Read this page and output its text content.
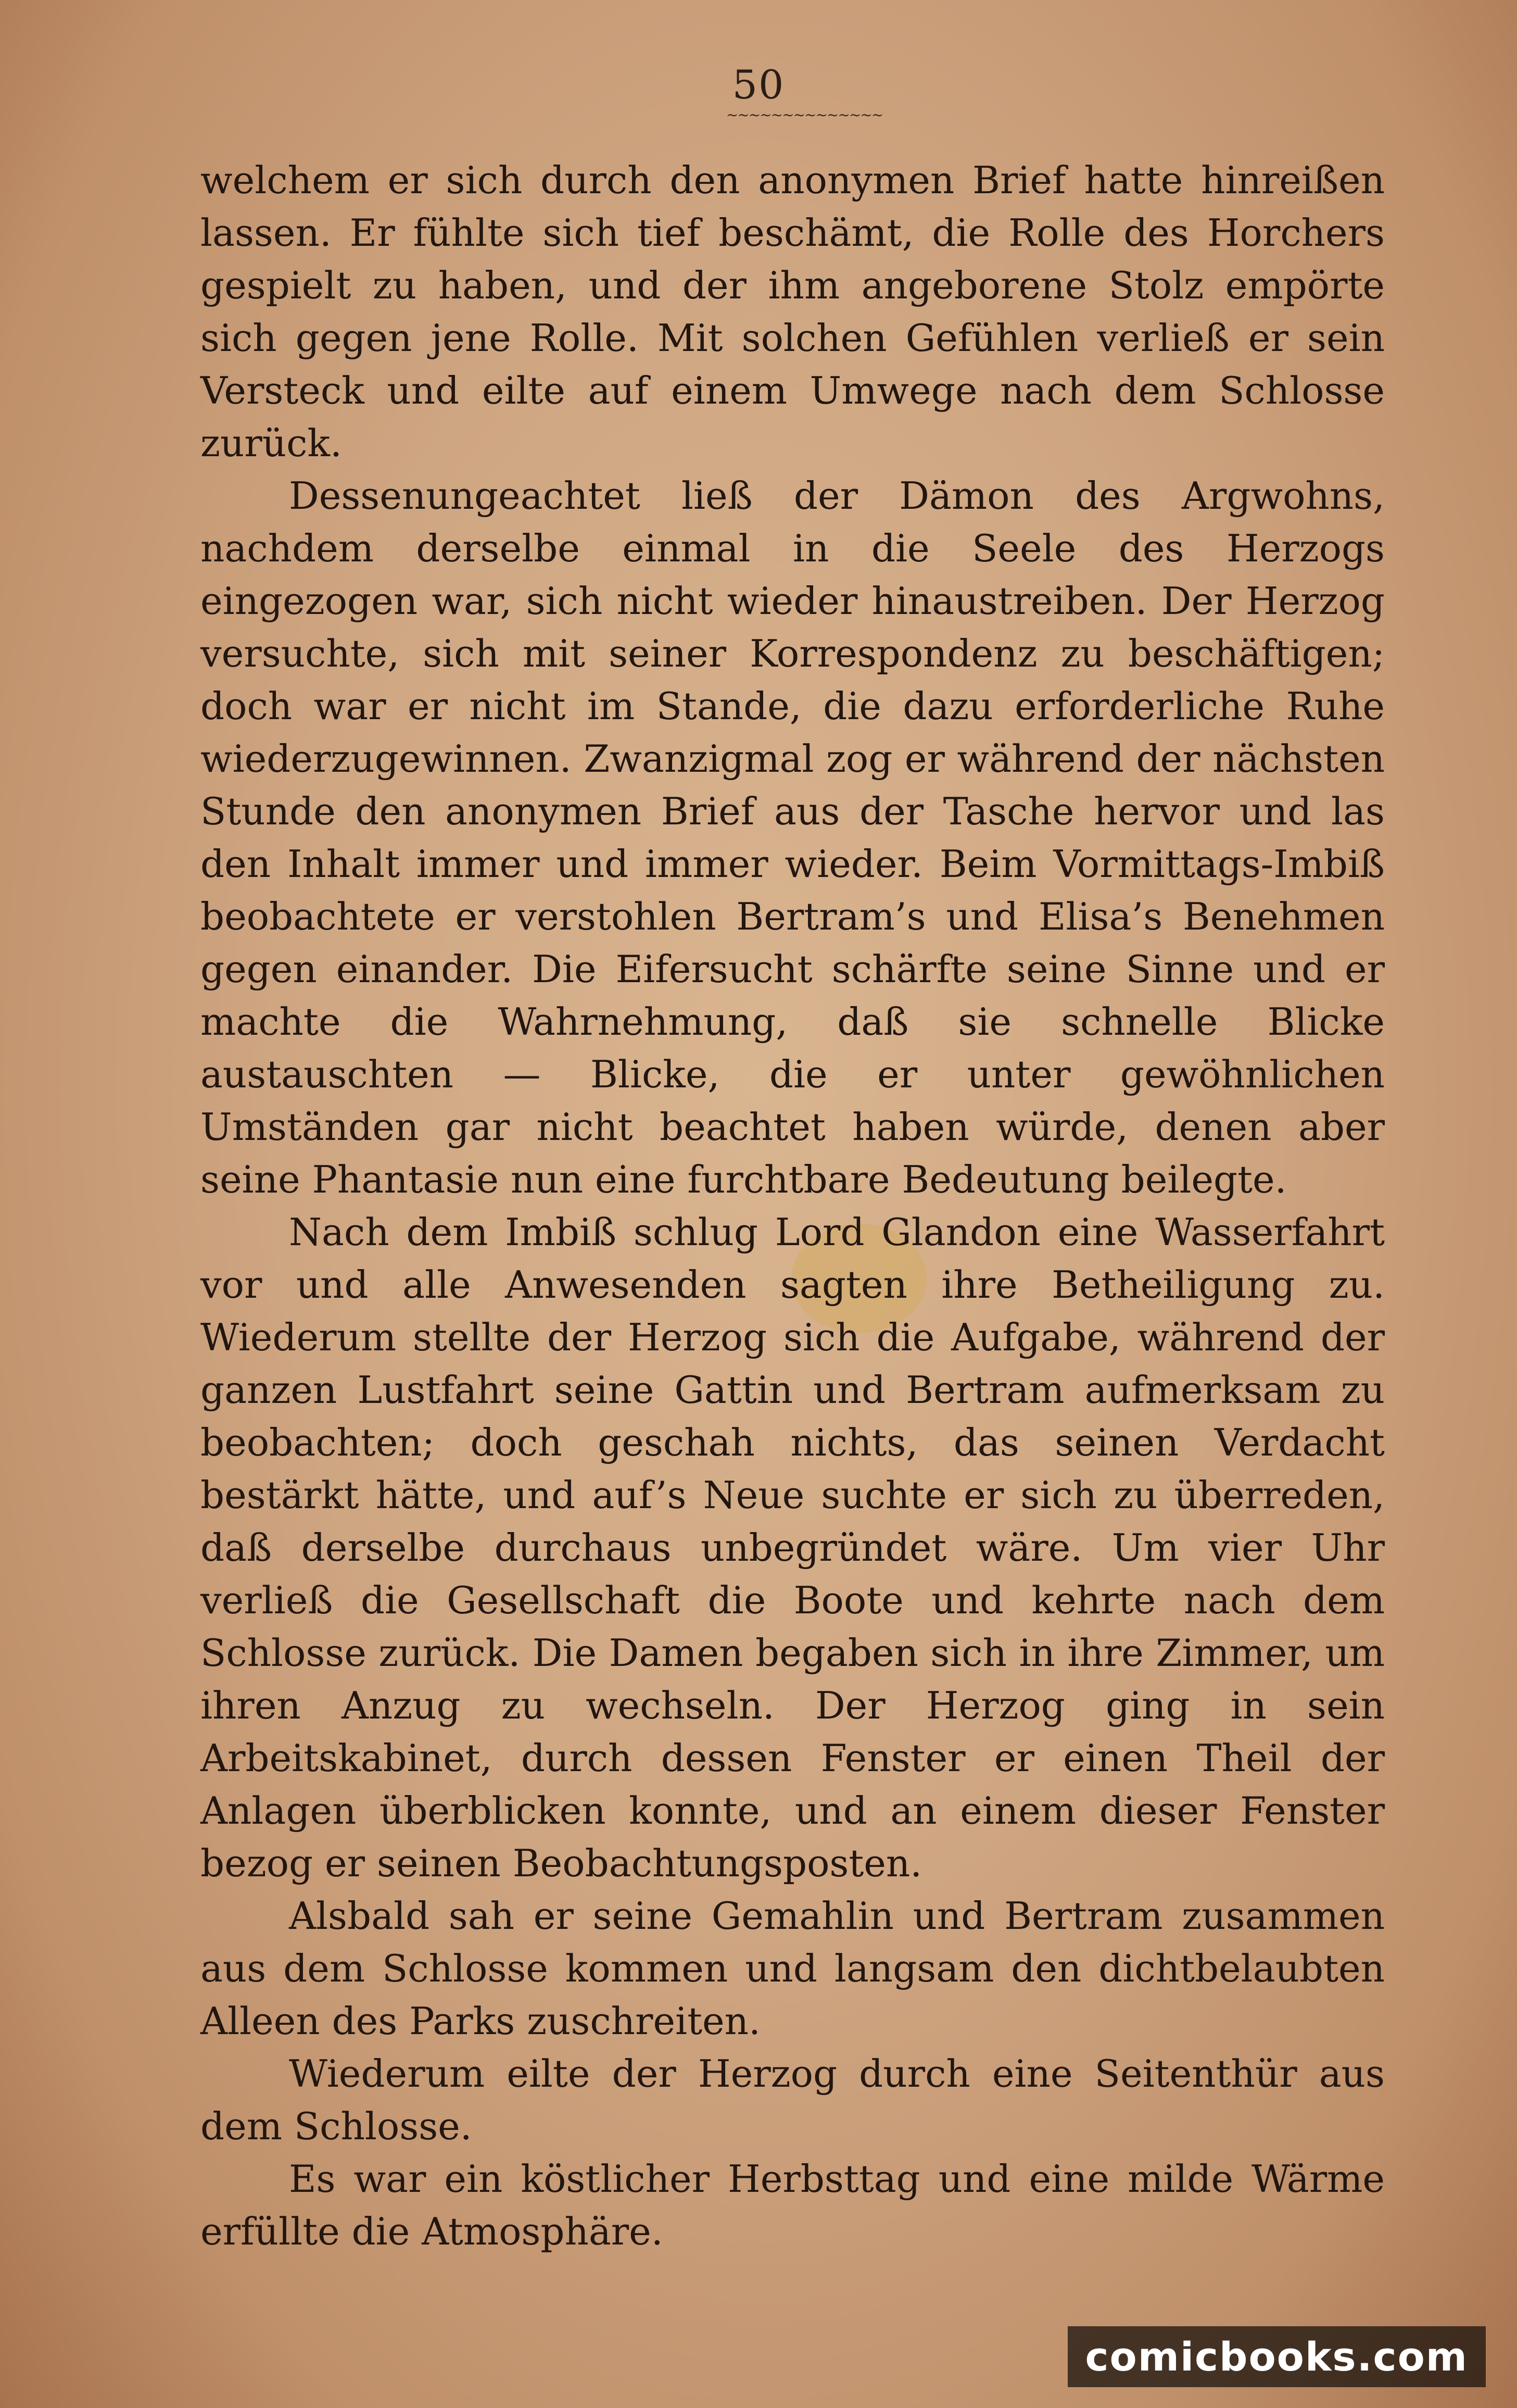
50
~~~~~~~~~~~~~~

welchem er sich durch den anonymen Brief hatte hinreißen lassen. Er fühlte sich tief beschämt, die Rolle des Horchers gespielt zu haben, und der ihm angeborene Stolz empörte sich gegen jene Rolle. Mit solchen Gefühlen verließ er sein Versteck und eilte auf einem Umwege nach dem Schlosse zurück.

Dessenungeachtet ließ der Dämon des Argwohns, nachdem derselbe einmal in die Seele des Herzogs eingezogen war, sich nicht wieder hinaustreiben. Der Herzog versuchte, sich mit seiner Korrespondenz zu beschäftigen; doch war er nicht im Stande, die dazu erforderliche Ruhe wiederzugewinnen. Zwanzigmal zog er während der nächsten Stunde den anonymen Brief aus der Tasche hervor und las den Inhalt immer und immer wieder. Beim Vormittags-Imbiß beobachtete er verstohlen Bertram’s und Elisa’s Benehmen gegen einander. Die Eifersucht schärfte seine Sinne und er machte die Wahrnehmung, daß sie schnelle Blicke austauschten — Blicke, die er unter gewöhnlichen Umständen gar nicht beachtet haben würde, denen aber seine Phantasie nun eine furchtbare Bedeutung beilegte.

Nach dem Imbiß schlug Lord Glandon eine Wasserfahrt vor und alle Anwesenden sagten ihre Betheiligung zu. Wiederum stellte der Herzog sich die Aufgabe, während der ganzen Lustfahrt seine Gattin und Bertram aufmerksam zu beobachten; doch geschah nichts, das seinen Verdacht bestärkt hätte, und auf’s Neue suchte er sich zu überreden, daß derselbe durchaus unbegründet wäre. Um vier Uhr verließ die Gesellschaft die Boote und kehrte nach dem Schlosse zurück. Die Damen begaben sich in ihre Zimmer, um ihren Anzug zu wechseln. Der Herzog ging in sein Arbeitskabinet, durch dessen Fenster er einen Theil der Anlagen überblicken konnte, und an einem dieser Fenster bezog er seinen Beobachtungsposten.

Alsbald sah er seine Gemahlin und Bertram zusammen aus dem Schlosse kommen und langsam den dichtbelaubten Alleen des Parks zuschreiten.

Wiederum eilte der Herzog durch eine Seitenthür aus dem Schlosse.

Es war ein köstlicher Herbsttag und eine milde Wärme erfüllte die Atmosphäre.

comicbooks.com
